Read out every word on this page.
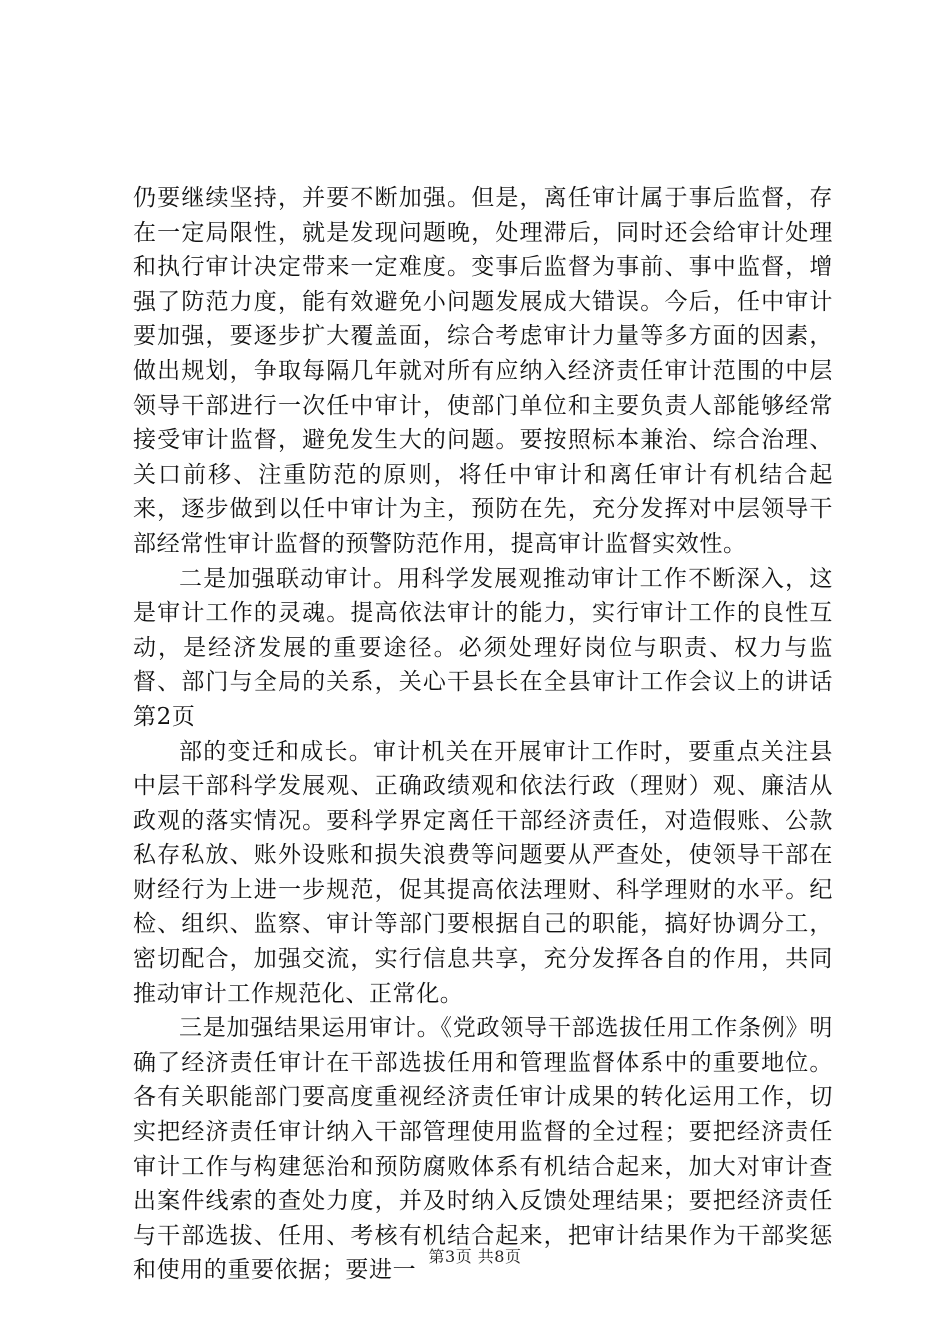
仍要继续坚持，并要不断加强。但是，离任审计属于事后监督，存在一定局限性，就是发现问题晚，处理滞后，同时还会给审计处理和执行审计决定带来一定难度。变事后监督为事前、事中监督，增强了防范力度，能有效避免小问题发展成大错误。今后，任中审计要加强，要逐步扩大覆盖面，综合考虑审计力量等多方面的因素，做出规划，争取每隔几年就对所有应纳入经济责任审计范围的中层领导干部进行一次任中审计，使部门单位和主要负责人部能够经常接受审计监督，避免发生大的问题。要按照标本兼治、综合治理、关口前移、注重防范的原则，将任中审计和离任审计有机结合起来，逐步做到以任中审计为主，预防在先，充分发挥对中层领导干部经常性审计监督的预警防范作用，提高审计监督实效性。

二是加强联动审计。用科学发展观推动审计工作不断深入，这是审计工作的灵魂。提高依法审计的能力，实行审计工作的良性互动，是经济发展的重要途径。必须处理好岗位与职责、权力与监督、部门与全局的关系，关心干县长在全县审计工作会议上的讲话第2页

部的变迁和成长。审计机关在开展审计工作时，要重点关注县中层干部科学发展观、正确政绩观和依法行政（理财）观、廉洁从政观的落实情况。要科学界定离任干部经济责任，对造假账、公款私存私放、账外设账和损失浪费等问题要从严查处，使领导干部在财经行为上进一步规范，促其提高依法理财、科学理财的水平。纪检、组织、监察、审计等部门要根据自己的职能，搞好协调分工，密切配合，加强交流，实行信息共享，充分发挥各自的作用，共同推动审计工作规范化、正常化。

三是加强结果运用审计。《党政领导干部选拔任用工作条例》明确了经济责任审计在干部选拔任用和管理监督体系中的重要地位。各有关职能部门要高度重视经济责任审计成果的转化运用工作，切实把经济责任审计纳入干部管理使用监督的全过程；要把经济责任审计工作与构建惩治和预防腐败体系有机结合起来，加大对审计查出案件线索的查处力度，并及时纳入反馈处理结果；要把经济责任与干部选拔、任用、考核有机结合起来，把审计结果作为干部奖惩和使用的重要依据；要进一

第3页 共8页
